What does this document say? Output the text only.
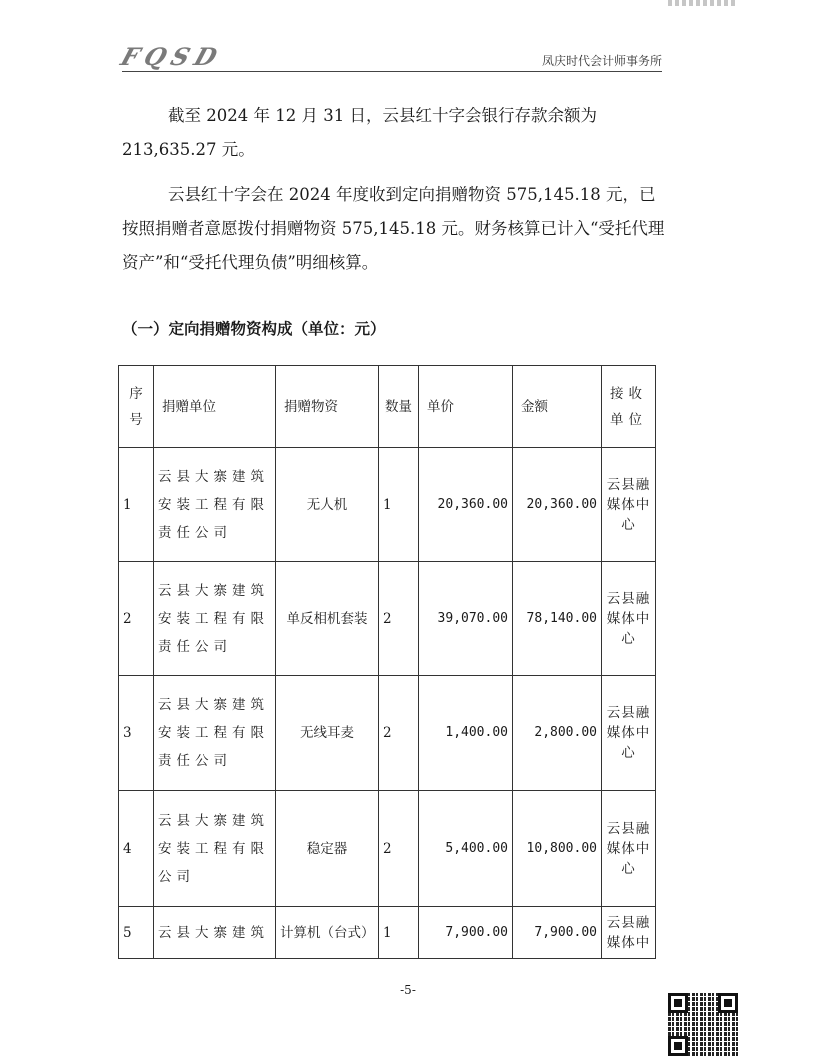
FQSD	凤庆时代会计师事务所

截至 2024 年 12 月 31 日，云县红十字会银行存款余额为 213,635.27 元。

云县红十字会在 2024 年度收到定向捐赠物资 575,145.18 元，已按照捐赠者意愿拨付捐赠物资 575,145.18 元。财务核算已计入“受托代理资产”和“受托代理负债”明细核算。

（一）定向捐赠物资构成（单位：元）
序号	捐赠单位	捐赠物资	数量	单价	金额	接收单位
1	云县大寨建筑安装工程有限责任公司	无人机	1	20,360.00	20,360.00	云县融媒体中心
2	云县大寨建筑安装工程有限责任公司	单反相机套装	2	39,070.00	78,140.00	云县融媒体中心
3	云县大寨建筑安装工程有限责任公司	无线耳麦	2	1,400.00	2,800.00	云县融媒体中心
4	云县大寨建筑安装工程有限公司	稳定器	2	5,400.00	10,800.00	云县融媒体中心
5	云县大寨建筑	计算机（台式）	1	7,900.00	7,900.00	云县融媒体中
-5-
